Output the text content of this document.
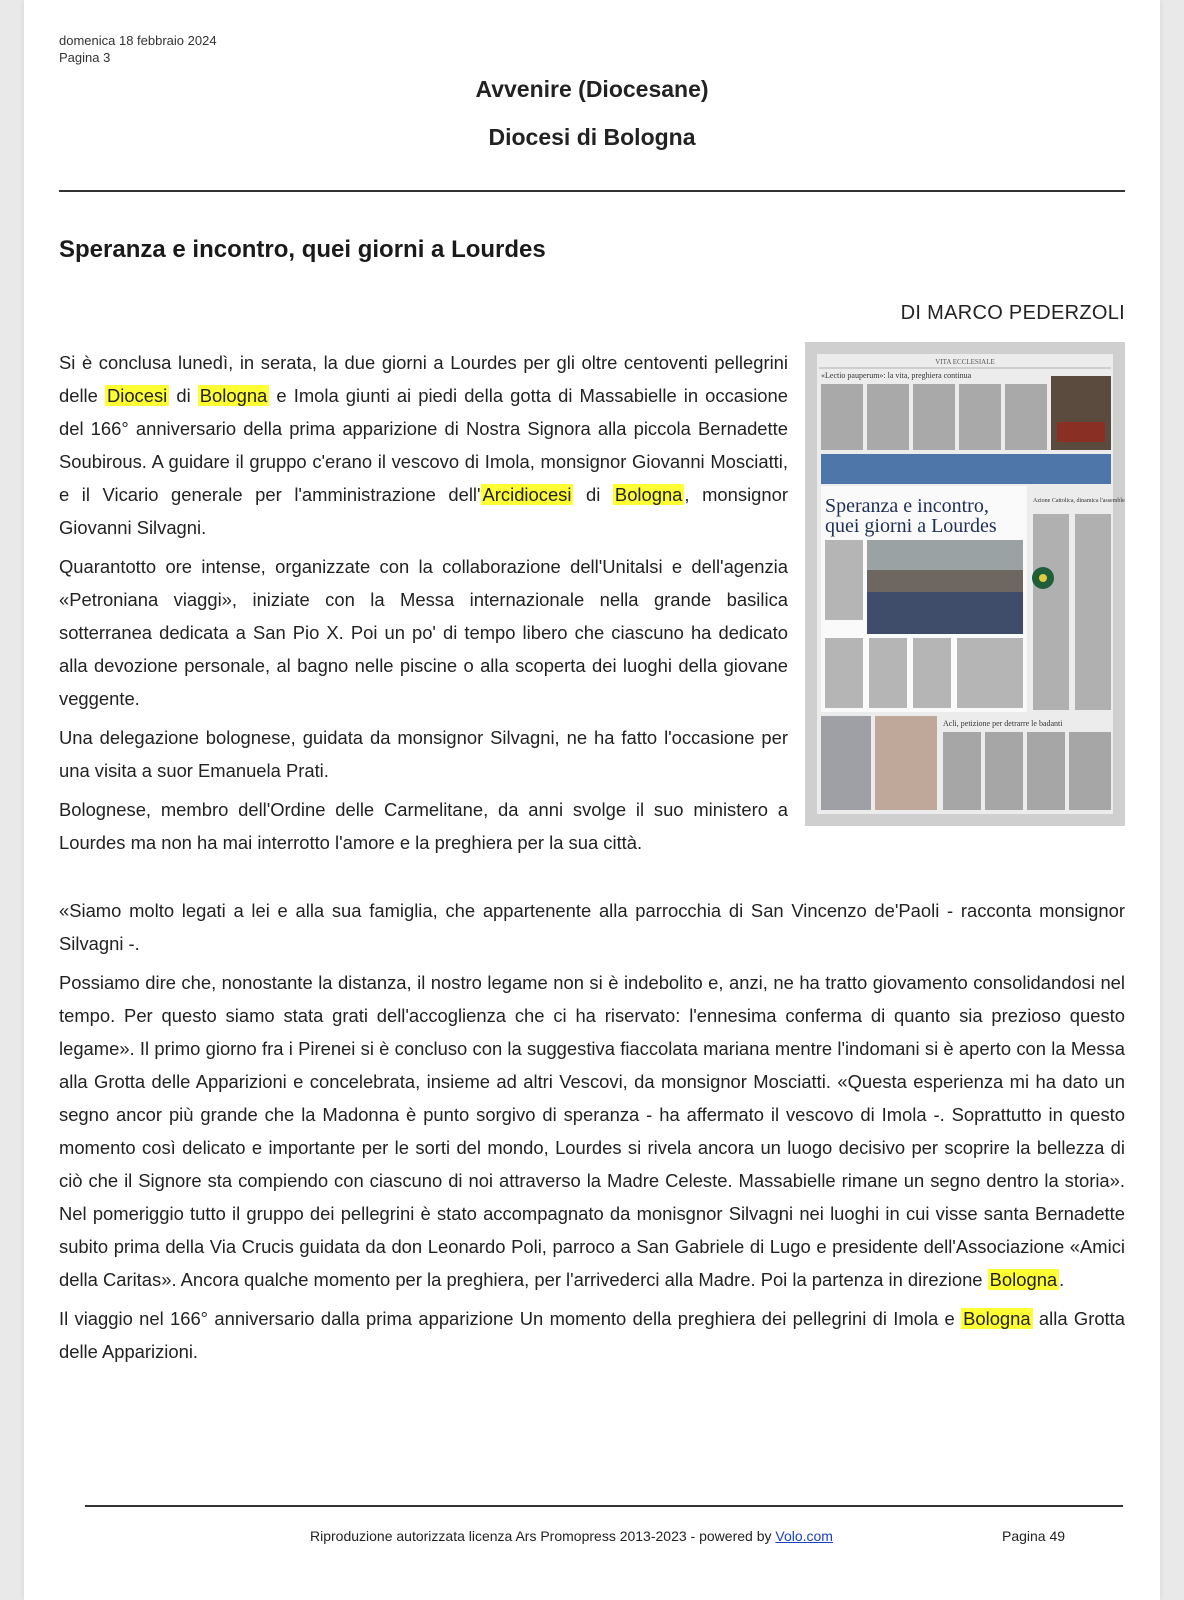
domenica 18 febbraio 2024
Pagina 3
Avvenire (Diocesane)
Diocesi di Bologna
Speranza e incontro, quei giorni a Lourdes
DI MARCO PEDERZOLI

Si è conclusa lunedì, in serata, la due giorni a Lourdes per gli oltre centoventi pellegrini delle Diocesi di Bologna e Imola giunti ai piedi della gotta di Massabielle in occasione del 166° anniversario della prima apparizione di Nostra Signora alla piccola Bernadette Soubirous. A guidare il gruppo c'erano il vescovo di Imola, monsignor Giovanni Mosciatti, e il Vicario generale per l'amministrazione dell' Arcidiocesi di Bologna , monsignor Giovanni Silvagni.

Quarantotto ore intense, organizzate con la collaborazione dell'Unitalsi e dell'agenzia «Petroniana viaggi», iniziate con la Messa internazionale nella grande basilica sotterranea dedicata a San Pio X. Poi un po' di tempo libero che ciascuno ha dedicato alla devozione personale, al bagno nelle piscine o alla scoperta dei luoghi della giovane veggente.

Una delegazione bolognese, guidata da monsignor Silvagni, ne ha fatto l'occasione per una visita a suor Emanuela Prati.

Bolognese, membro dell'Ordine delle Carmelitane, da anni svolge il suo ministero a Lourdes ma non ha mai interrotto l'amore e la preghiera per la sua città.

VITA ECCLESIALE
«Lectio pauperum»: la vita, preghiera continua
Speranza e incontro,
quei giorni a Lourdes
Azione Cattolica, dinamica l'assemblea
Acli, petizione per detrarre le badanti

«Siamo molto legati a lei e alla sua famiglia, che appartenente alla parrocchia di San Vincenzo de'Paoli - racconta monsignor Silvagni -.

Possiamo dire che, nonostante la distanza, il nostro legame non si è indebolito e, anzi, ne ha tratto giovamento consolidandosi nel tempo. Per questo siamo stata grati dell'accoglienza che ci ha riservato: l'ennesima conferma di quanto sia prezioso questo legame». Il primo giorno fra i Pirenei si è concluso con la suggestiva fiaccolata mariana mentre l'indomani si è aperto con la Messa alla Grotta delle Apparizioni e concelebrata, insieme ad altri Vescovi, da monsignor Mosciatti. «Questa esperienza mi ha dato un segno ancor più grande che la Madonna è punto sorgivo di speranza - ha affermato il vescovo di Imola -. Soprattutto in questo momento così delicato e importante per le sorti del mondo, Lourdes si rivela ancora un luogo decisivo per scoprire la bellezza di ciò che il Signore sta compiendo con ciascuno di noi attraverso la Madre Celeste. Massabielle rimane un segno dentro la storia». Nel pomeriggio tutto il gruppo dei pellegrini è stato accompagnato da monisgnor Silvagni nei luoghi in cui visse santa Bernadette subito prima della Via Crucis guidata da don Leonardo Poli, parroco a San Gabriele di Lugo e presidente dell'Associazione «Amici della Caritas». Ancora qualche momento per la preghiera, per l'arrivederci alla Madre. Poi la partenza in direzione Bologna .

Il viaggio nel 166° anniversario dalla prima apparizione Un momento della preghiera dei pellegrini di Imola e Bologna alla Grotta delle Apparizioni.

Riproduzione autorizzata licenza Ars Promopress 2013-2023 - powered by Volo.com	Pagina 49
